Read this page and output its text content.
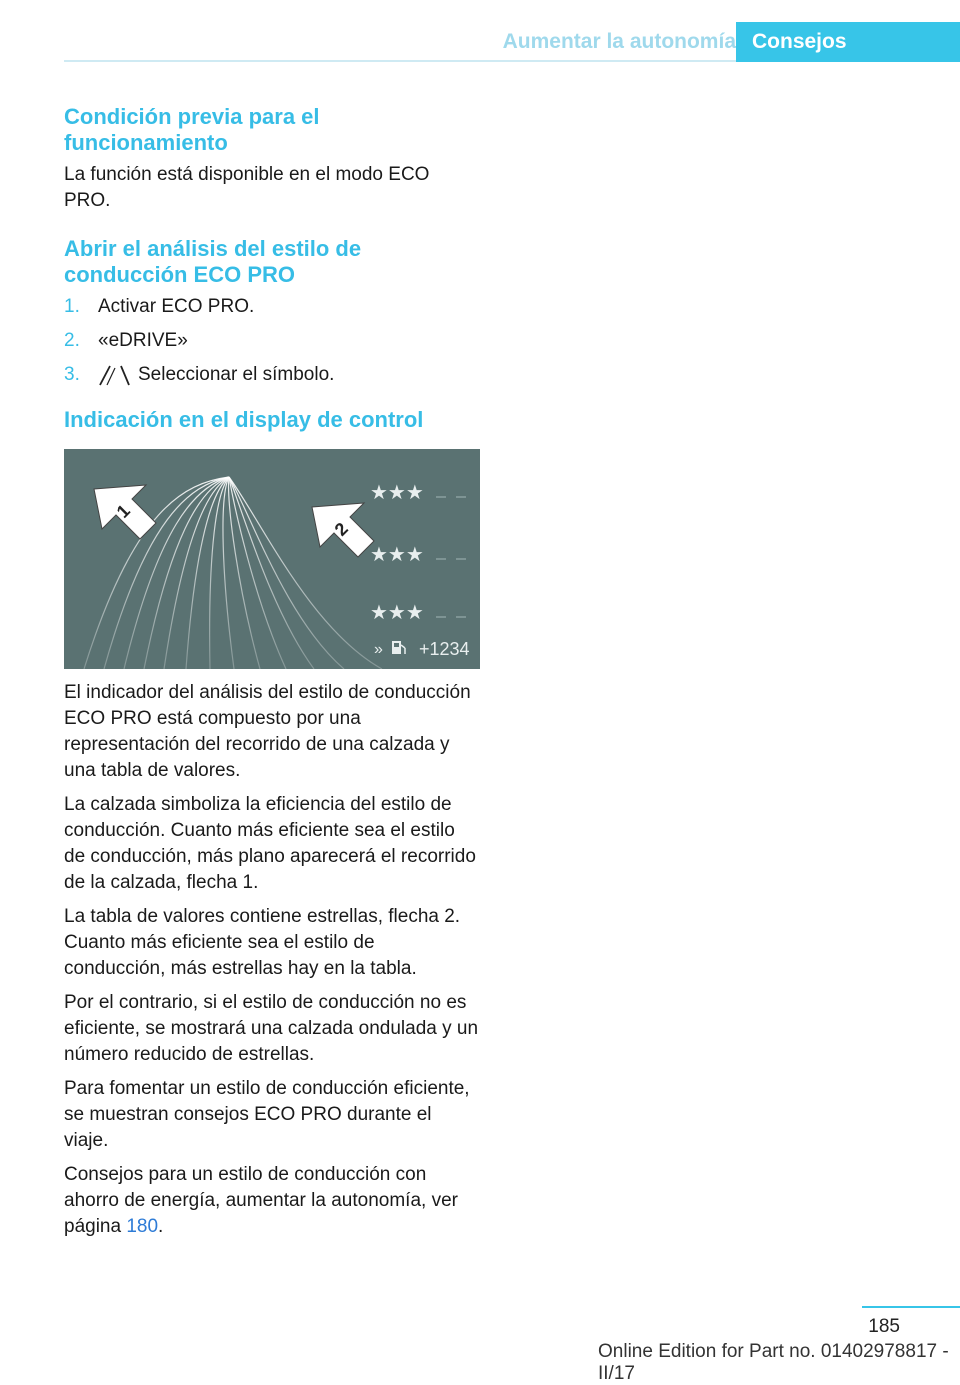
Aumentar la autonomía Consejos
Condición previa para el funcionamiento

La función está disponible en el modo ECO PRO.

Abrir el análisis del estilo de conducción ECO PRO
1. Activar ECO PRO.
2. «eDRIVE»
3.	Seleccionar el símbolo.
Indicación en el display de control
1
2
★★★
★★★
★★★
» +1234

El indicador del análisis del estilo de conducción ECO PRO está compuesto por una representación del recorrido de una calzada y una tabla de valores.

La calzada simboliza la eficiencia del estilo de conducción. Cuanto más eficiente sea el estilo de conducción, más plano aparecerá el recorrido de la calzada, flecha 1.

La tabla de valores contiene estrellas, flecha 2. Cuanto más eficiente sea el estilo de conducción, más estrellas hay en la tabla.

Por el contrario, si el estilo de conducción no es eficiente, se mostrará una calzada ondulada y un número reducido de estrellas.

Para fomentar un estilo de conducción eficiente, se muestran consejos ECO PRO durante el viaje.

Consejos para un estilo de conducción con ahorro de energía, aumentar la autonomía, ver página 180.

185
Online Edition for Part no. 01402978817 - II/17
